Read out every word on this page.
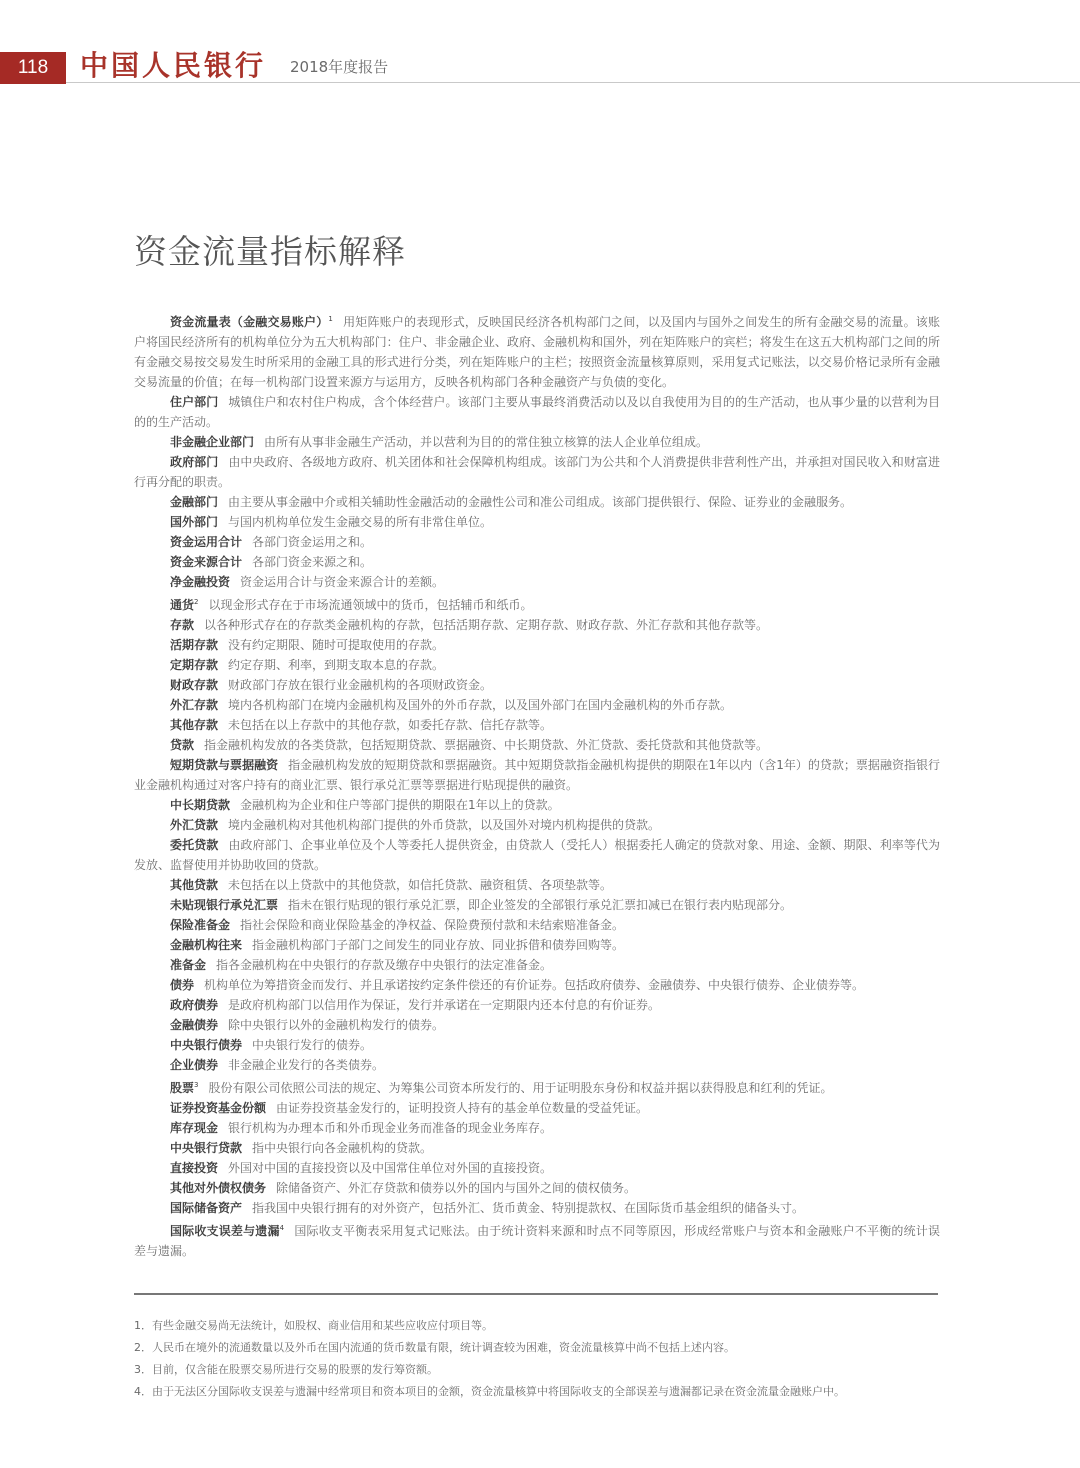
118	中国人民银行 2018年度报告
资金流量指标解释

资金流量表（金融交易账户）$^1$ 用矩阵账户的表现形式，反映国民经济各机构部门之间，以及国内与国外之间发生的所有金融交易的流量。该账户将国民经济所有的机构单位分为五大机构部门：住户、非金融企业、政府、金融机构和国外，列在矩阵账户的宾栏；将发生在这五大机构部门之间的所有金融交易按交易发生时所采用的金融工具的形式进行分类，列在矩阵账户的主栏；按照资金流量核算原则，采用复式记账法，以交易价格记录所有金融交易流量的价值；在每一机构部门设置来源方与运用方，反映各机构部门各种金融资产与负债的变化。

住户部门 城镇住户和农村住户构成，含个体经营户。该部门主要从事最终消费活动以及以自我使用为目的的生产活动，也从事少量的以营利为目的的生产活动。

非金融企业部门 由所有从事非金融生产活动，并以营利为目的的常住独立核算的法人企业单位组成。

政府部门 由中央政府、各级地方政府、机关团体和社会保障机构组成。该部门为公共和个人消费提供非营利性产出，并承担对国民收入和财富进行再分配的职责。

金融部门 由主要从事金融中介或相关辅助性金融活动的金融性公司和准公司组成。该部门提供银行、保险、证券业的金融服务。

国外部门 与国内机构单位发生金融交易的所有非常住单位。

资金运用合计 各部门资金运用之和。

资金来源合计 各部门资金来源之和。

净金融投资 资金运用合计与资金来源合计的差额。

通货$^2$ 以现金形式存在于市场流通领域中的货币，包括辅币和纸币。

存款 以各种形式存在的存款类金融机构的存款，包括活期存款、定期存款、财政存款、外汇存款和其他存款等。

活期存款 没有约定期限、随时可提取使用的存款。

定期存款 约定存期、利率，到期支取本息的存款。

财政存款 财政部门存放在银行业金融机构的各项财政资金。

外汇存款 境内各机构部门在境内金融机构及国外的外币存款，以及国外部门在国内金融机构的外币存款。

其他存款 未包括在以上存款中的其他存款，如委托存款、信托存款等。

贷款 指金融机构发放的各类贷款，包括短期贷款、票据融资、中长期贷款、外汇贷款、委托贷款和其他贷款等。

短期贷款与票据融资 指金融机构发放的短期贷款和票据融资。其中短期贷款指金融机构提供的期限在1年以内（含1年）的贷款；票据融资指银行业金融机构通过对客户持有的商业汇票、银行承兑汇票等票据进行贴现提供的融资。

中长期贷款 金融机构为企业和住户等部门提供的期限在1年以上的贷款。

外汇贷款 境内金融机构对其他机构部门提供的外币贷款，以及国外对境内机构提供的贷款。

委托贷款 由政府部门、企事业单位及个人等委托人提供资金，由贷款人（受托人）根据委托人确定的贷款对象、用途、金额、期限、利率等代为发放、监督使用并协助收回的贷款。

其他贷款 未包括在以上贷款中的其他贷款，如信托贷款、融资租赁、各项垫款等。

未贴现银行承兑汇票 指未在银行贴现的银行承兑汇票，即企业签发的全部银行承兑汇票扣减已在银行表内贴现部分。

保险准备金 指社会保险和商业保险基金的净权益、保险费预付款和未结索赔准备金。

金融机构往来 指金融机构部门子部门之间发生的同业存放、同业拆借和债券回购等。

准备金 指各金融机构在中央银行的存款及缴存中央银行的法定准备金。

债券 机构单位为筹措资金而发行、并且承诺按约定条件偿还的有价证券。包括政府债券、金融债券、中央银行债券、企业债券等。

政府债券 是政府机构部门以信用作为保证，发行并承诺在一定期限内还本付息的有价证券。

金融债券 除中央银行以外的金融机构发行的债券。

中央银行债券 中央银行发行的债券。

企业债券 非金融企业发行的各类债券。

股票$^3$ 股份有限公司依照公司法的规定、为筹集公司资本所发行的、用于证明股东身份和权益并据以获得股息和红利的凭证。

证券投资基金份额 由证券投资基金发行的，证明投资人持有的基金单位数量的受益凭证。

库存现金 银行机构为办理本币和外币现金业务而准备的现金业务库存。

中央银行贷款 指中央银行向各金融机构的贷款。

直接投资 外国对中国的直接投资以及中国常住单位对外国的直接投资。

其他对外债权债务 除储备资产、外汇存贷款和债券以外的国内与国外之间的债权债务。

国际储备资产 指我国中央银行拥有的对外资产，包括外汇、货币黄金、特别提款权、在国际货币基金组织的储备头寸。

国际收支误差与遗漏$^4$ 国际收支平衡表采用复式记账法。由于统计资料来源和时点不同等原因，形成经常账户与资本和金融账户不平衡的统计误差与遗漏。

1．有些金融交易尚无法统计，如股权、商业信用和某些应收应付项目等。

2．人民币在境外的流通数量以及外币在国内流通的货币数量有限，统计调查较为困难，资金流量核算中尚不包括上述内容。

3．目前，仅含能在股票交易所进行交易的股票的发行筹资额。

4．由于无法区分国际收支误差与遗漏中经常项目和资本项目的金额，资金流量核算中将国际收支的全部误差与遗漏都记录在资金流量金融账户中。
